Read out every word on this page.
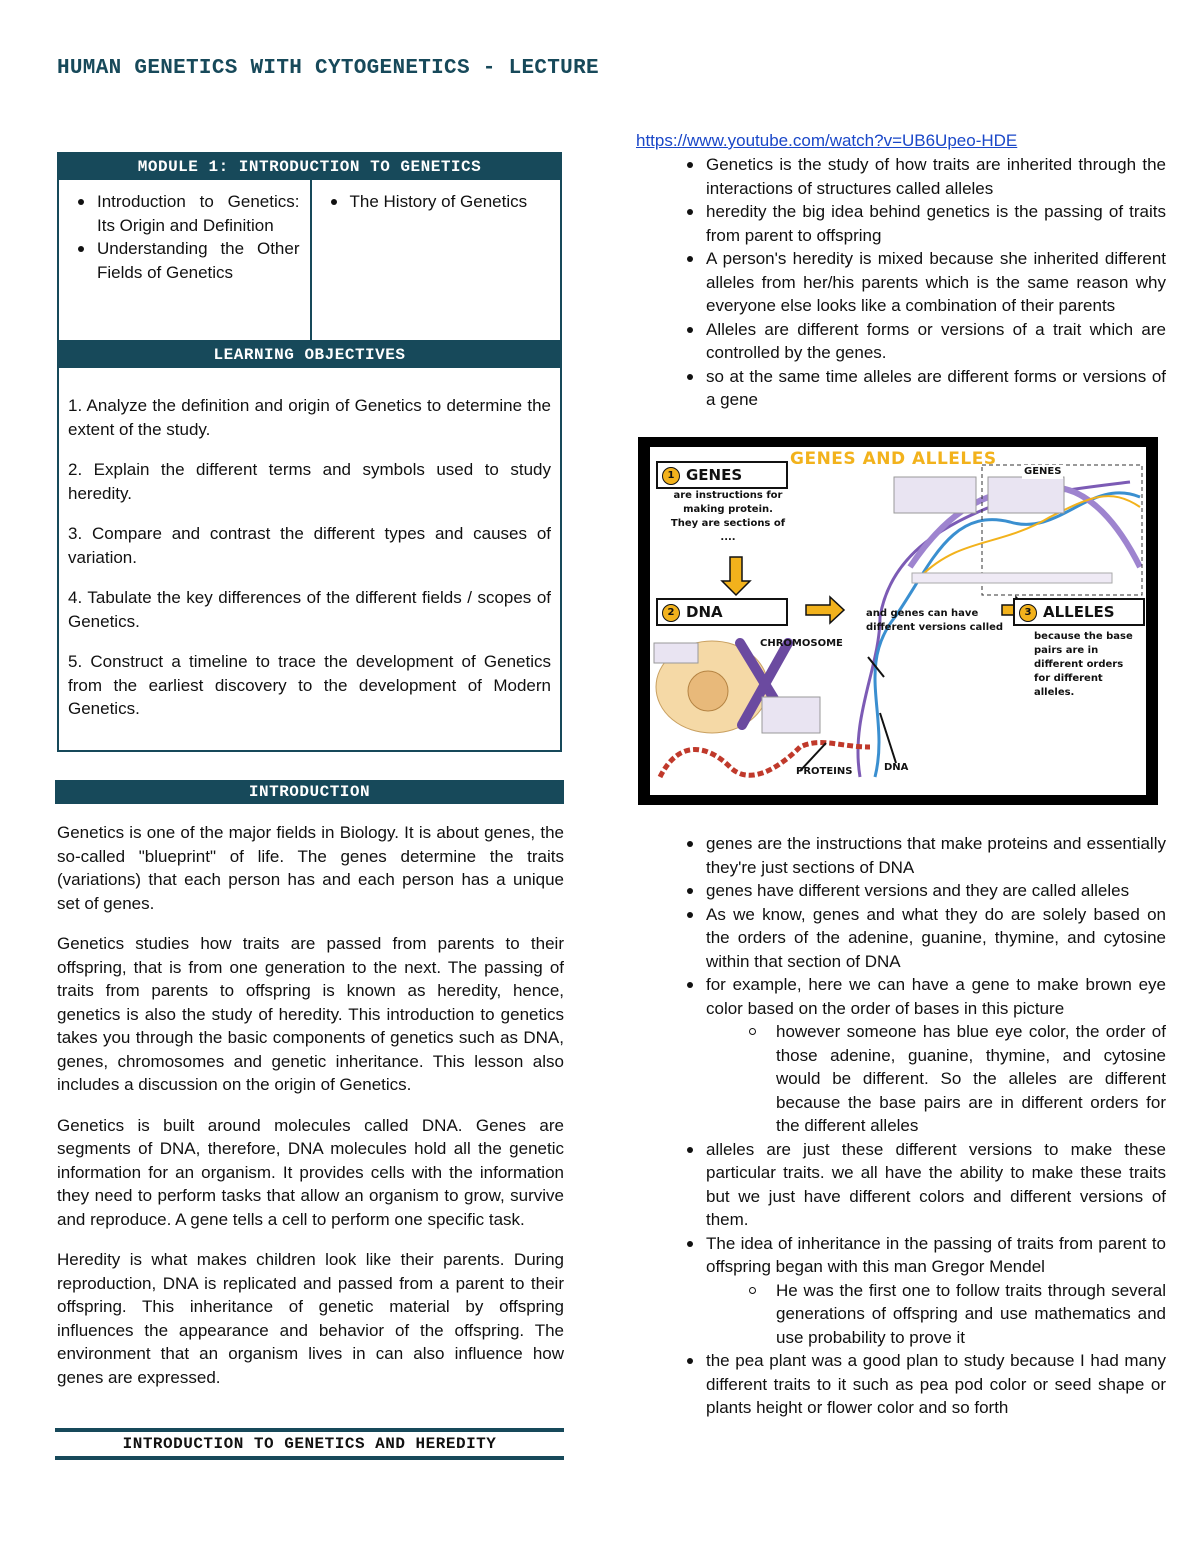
HUMAN GENETICS WITH CYTOGENETICS - LECTURE
MODULE 1: INTRODUCTION TO GENETICS
Introduction to Genetics: Its Origin and Definition
Understanding the Other Fields of Genetics
The History of Genetics
LEARNING OBJECTIVES

1. Analyze the definition and origin of Genetics to determine the extent of the study.

2. Explain the different terms and symbols used to study heredity.

3. Compare and contrast the different types and causes of variation.

4. Tabulate the key differences of the different fields / scopes of Genetics.

5. Construct a timeline to trace the development of Genetics from the earliest discovery to the development of Modern Genetics.

INTRODUCTION

Genetics is one of the major fields in Biology. It is about genes, the so-called "blueprint" of life. The genes determine the traits (variations) that each person has and each person has a unique set of genes.

Genetics studies how traits are passed from parents to their offspring, that is from one generation to the next. The passing of traits from parents to offspring is known as heredity, hence, genetics is also the study of heredity. This introduction to genetics takes you through the basic components of genetics such as DNA, genes, chromosomes and genetic inheritance. This lesson also includes a discussion on the origin of Genetics.

Genetics is built around molecules called DNA. Genes are segments of DNA, therefore, DNA molecules hold all the genetic information for an organism. It provides cells with the information they need to perform tasks that allow an organism to grow, survive and reproduce. A gene tells a cell to perform one specific task.

Heredity is what makes children look like their parents. During reproduction, DNA is replicated and passed from a parent to their offspring. This inheritance of genetic material by offspring influences the appearance and behavior of the offspring. The environment that an organism lives in can also influence how genes are expressed.

INTRODUCTION TO GENETICS AND HEREDITY
https://www.youtube.com/watch?v=UB6Upeo-HDE
Genetics is the study of how traits are inherited through the interactions of structures called alleles
heredity the big idea behind genetics is the passing of traits from parent to offspring
A person's heredity is mixed because she inherited different alleles from her/his parents which is the same reason why everyone else looks like a combination of their parents
Alleles are different forms or versions of a trait which are controlled by the genes.
so at the same time alleles are different forms or versions of a gene
GENES AND ALLELES
1 GENES
are instructions for making protein. They are sections of ....
2 DNA	and genes can have different versions called
3 ALLELES
because the base pairs are in different orders for different alleles.
CHROMOSOME
PROTEINS	DNA
GENES
genes are the instructions that make proteins and essentially they're just sections of DNA
genes have different versions and they are called alleles
As we know, genes and what they do are solely based on the orders of the adenine, guanine, thymine, and cytosine within that section of DNA
for example, here we can have a gene to make brown eye color based on the order of bases in this picture
however someone has blue eye color, the order of those adenine, guanine, thymine, and cytosine would be different. So the alleles are different because the base pairs are in different orders for the different alleles
alleles are just these different versions to make these particular traits. we all have the ability to make these traits but we just have different colors and different versions of them.
The idea of inheritance in the passing of traits from parent to offspring began with this man Gregor Mendel
He was the first one to follow traits through several generations of offspring and use mathematics and use probability to prove it
the pea plant was a good plan to study because I had many different traits to it such as pea pod color or seed shape or plants height or flower color and so forth
